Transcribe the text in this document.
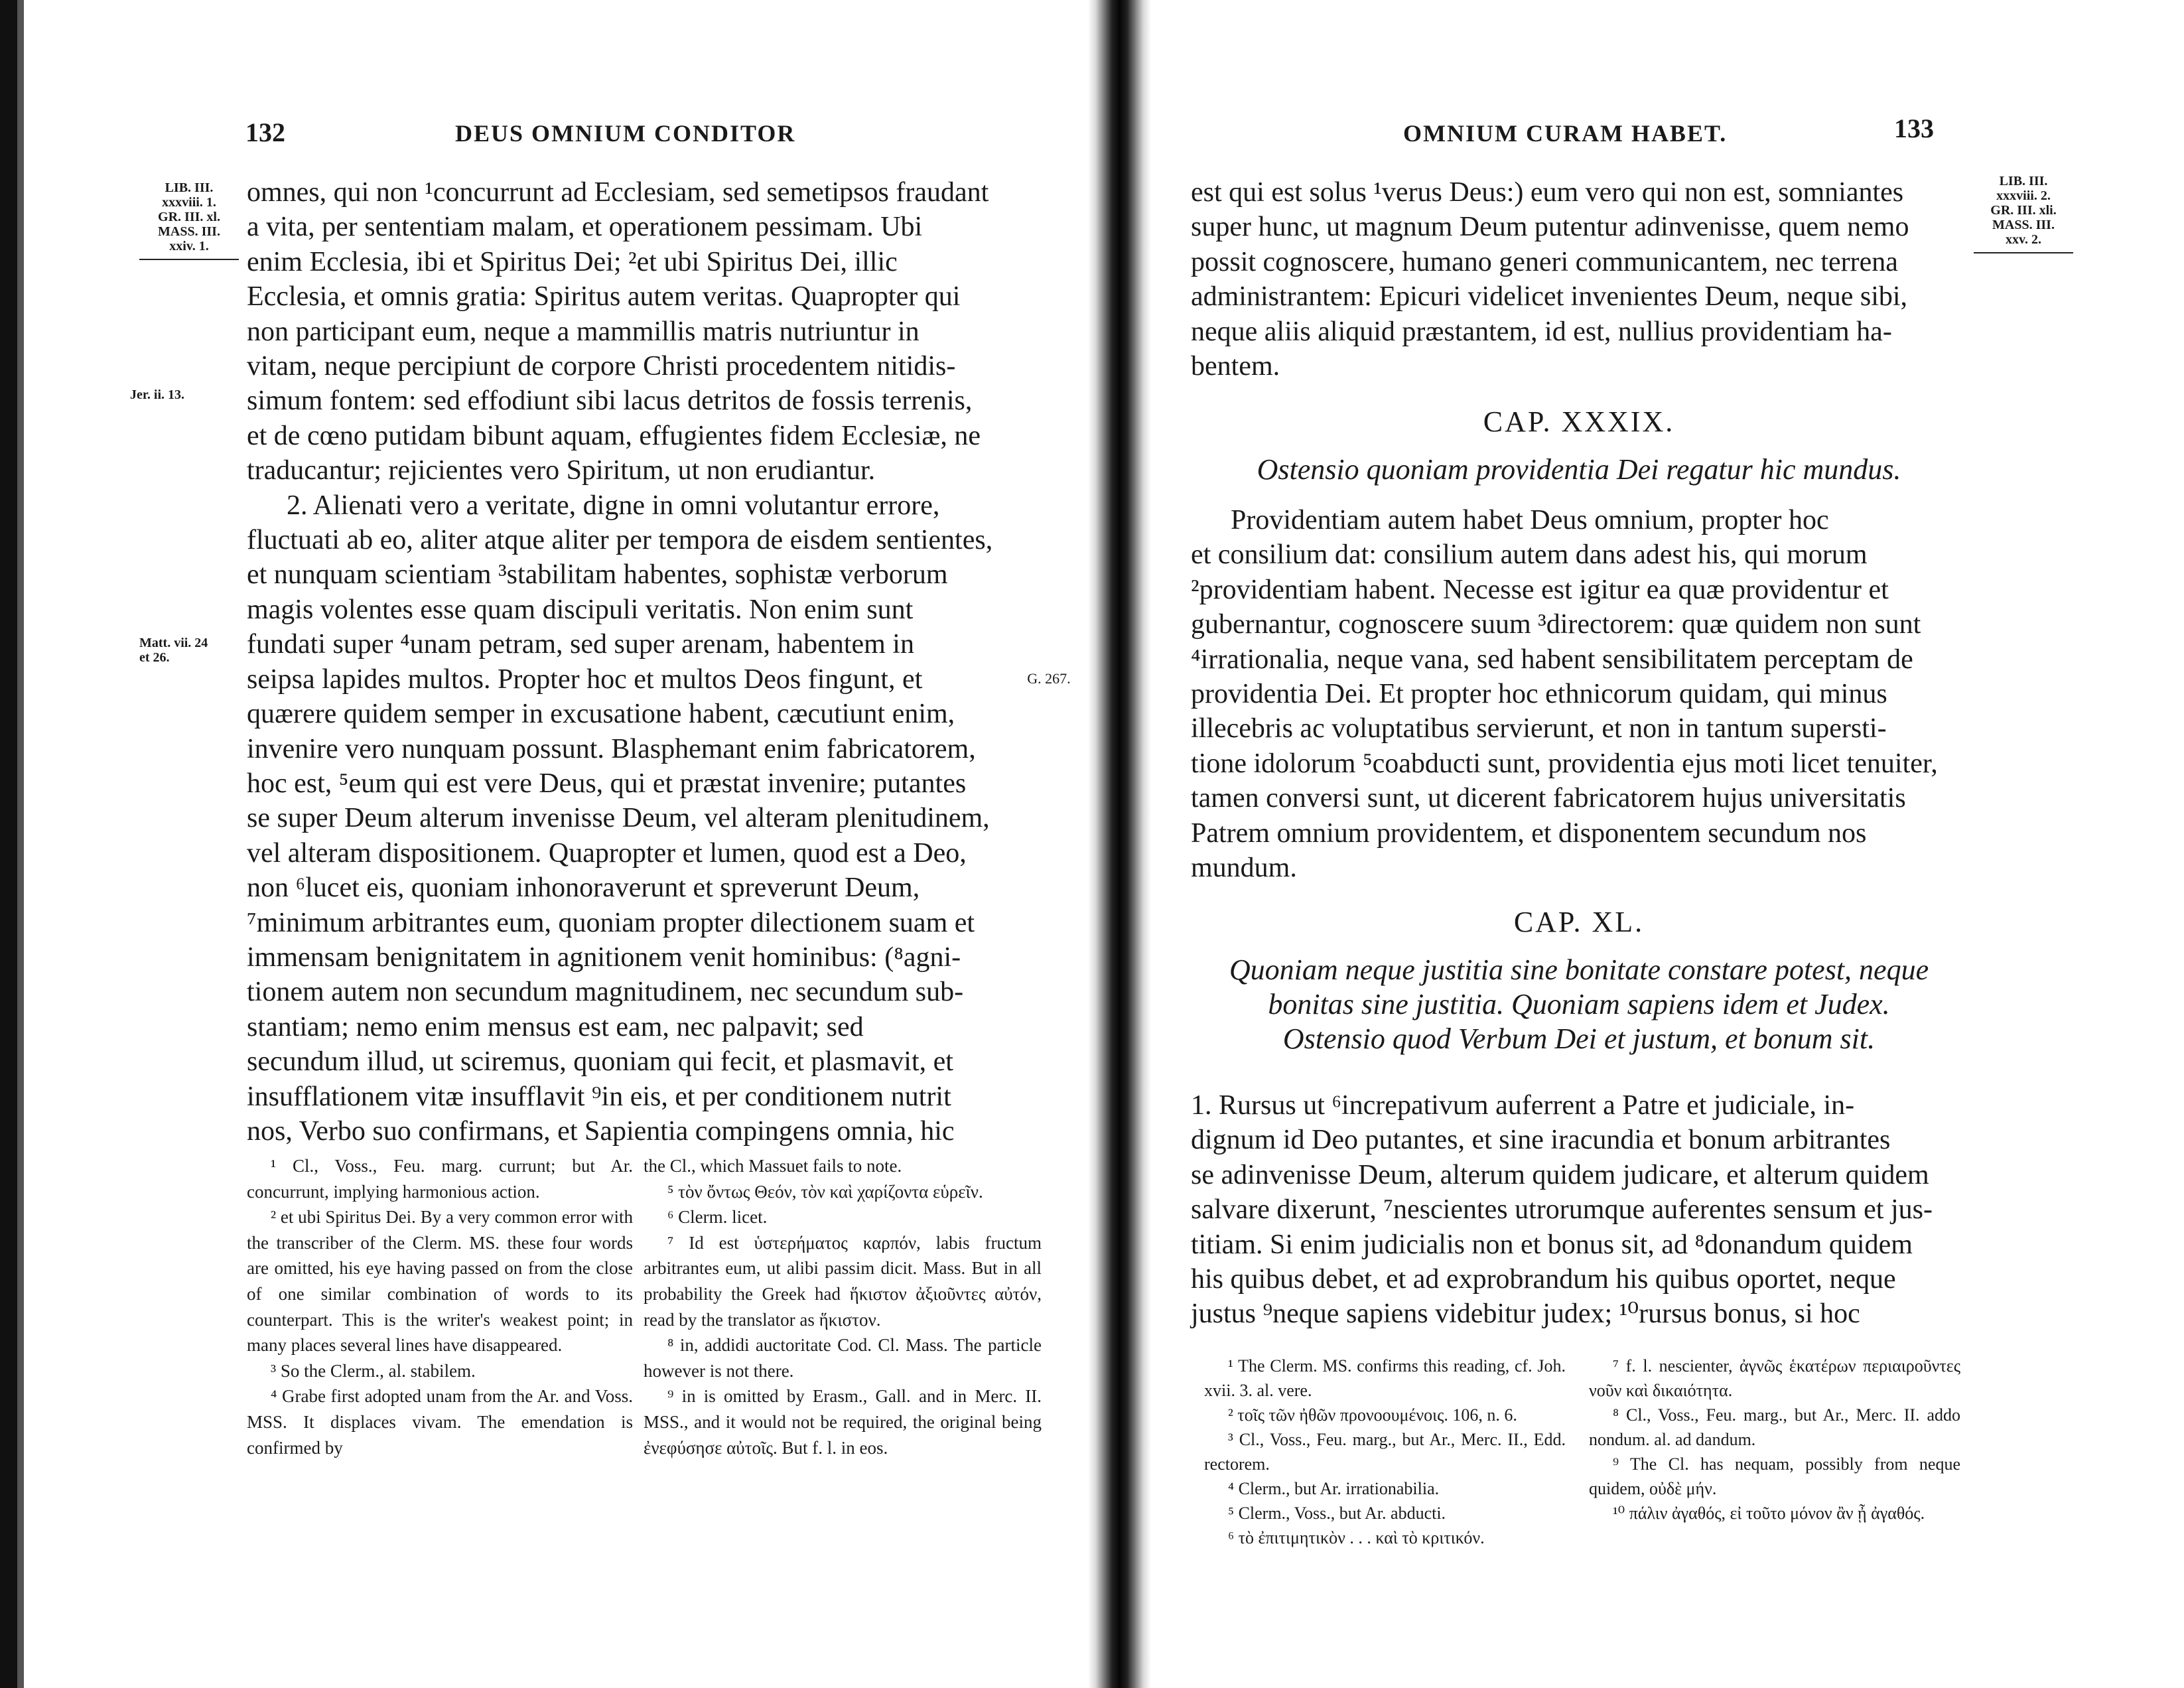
132	DEUS OMNIUM CONDITOR
LIB. III.
xxxviii. 1.
GR. III. xl.
MASS. III.
xxiv. 1.
Jer. ii. 13.
Matt. vii. 24
et 26.
G. 267.

omnes, qui non ¹concurrunt ad Ecclesiam, sed semetipsos fraudant

a vita, per sententiam malam, et operationem pessimam. Ubi

enim Ecclesia, ibi et Spiritus Dei; ²et ubi Spiritus Dei, illic

Ecclesia, et omnis gratia: Spiritus autem veritas. Quapropter qui

non participant eum, neque a mammillis matris nutriuntur in

vitam, neque percipiunt de corpore Christi procedentem nitidis-

simum fontem: sed effodiunt sibi lacus detritos de fossis terrenis,

et de cœno putidam bibunt aquam, effugientes fidem Ecclesiæ, ne

traducantur; rejicientes vero Spiritum, ut non erudiantur.

2. Alienati vero a veritate, digne in omni volutantur errore,

fluctuati ab eo, aliter atque aliter per tempora de eisdem sentientes,

et nunquam scientiam ³stabilitam habentes, sophistæ verborum

magis volentes esse quam discipuli veritatis. Non enim sunt

fundati super ⁴unam petram, sed super arenam, habentem in

seipsa lapides multos. Propter hoc et multos Deos fingunt, et

quærere quidem semper in excusatione habent, cæcutiunt enim,

invenire vero nunquam possunt. Blasphemant enim fabricatorem,

hoc est, ⁵eum qui est vere Deus, qui et præstat invenire; putantes

se super Deum alterum invenisse Deum, vel alteram plenitudinem,

vel alteram dispositionem. Quapropter et lumen, quod est a Deo,

non ⁶lucet eis, quoniam inhonoraverunt et spreverunt Deum,

⁷minimum arbitrantes eum, quoniam propter dilectionem suam et

immensam benignitatem in agnitionem venit hominibus: (⁸agni-

tionem autem non secundum magnitudinem, nec secundum sub-

stantiam; nemo enim mensus est eam, nec palpavit; sed

secundum illud, ut sciremus, quoniam qui fecit, et plasmavit, et

insufflationem vitæ insufflavit ⁹in eis, et per conditionem nutrit

nos, Verbo suo confirmans, et Sapientia compingens omnia, hic

¹ Cl., Voss., Feu. marg. currunt; but Ar. concurrunt, implying harmonious action.

² et ubi Spiritus Dei. By a very common error with the transcriber of the Clerm. MS. these four words are omitted, his eye having passed on from the close of one similar combination of words to its counterpart. This is the writer's weakest point; in many places several lines have disappeared.

³ So the Clerm., al. stabilem.

⁴ Grabe first adopted unam from the Ar. and Voss. MSS. It displaces vivam. The emendation is confirmed by

the Cl., which Massuet fails to note.

⁵ τὸν ὄντως Θεόν, τὸν καὶ χαρίζοντα εὑρεῖν.

⁶ Clerm. licet.

⁷ Id est ὑστερήματος καρπόν, labis fructum arbitrantes eum, ut alibi passim dicit. Mass. But in all probability the Greek had ἥκιστον ἀξιοῦντες αὐτόν, read by the translator as ἥκιστον.

⁸ in, addidi auctoritate Cod. Cl. Mass. The particle however is not there.

⁹ in is omitted by Erasm., Gall. and in Merc. II. MSS., and it would not be required, the original being ἐνεφύσησε αὐτοῖς. But f. l. in eos.

OMNIUM CURAM HABET.	133
LIB. III.
xxxviii. 2.
GR. III. xli.
MASS. III.
xxv. 2.

est qui est solus ¹verus Deus:) eum vero qui non est, somniantes

super hunc, ut magnum Deum putentur adinvenisse, quem nemo

possit cognoscere, humano generi communicantem, nec terrena

administrantem: Epicuri videlicet invenientes Deum, neque sibi,

neque aliis aliquid præstantem, id est, nullius providentiam ha-

bentem.

CAP. XXXIX.
Ostensio quoniam providentia Dei regatur hic mundus.

Providentiam autem habet Deus omnium, propter hoc

et consilium dat: consilium autem dans adest his, qui morum

²providentiam habent. Necesse est igitur ea quæ providentur et

gubernantur, cognoscere suum ³directorem: quæ quidem non sunt

⁴irrationalia, neque vana, sed habent sensibilitatem perceptam de

providentia Dei. Et propter hoc ethnicorum quidam, qui minus

illecebris ac voluptatibus servierunt, et non in tantum supersti-

tione idolorum ⁵coabducti sunt, providentia ejus moti licet tenuiter,

tamen conversi sunt, ut dicerent fabricatorem hujus universitatis

Patrem omnium providentem, et disponentem secundum nos

mundum.

CAP. XL.
Quoniam neque justitia sine bonitate constare potest, neque
bonitas sine justitia. Quoniam sapiens idem et Judex.
Ostensio quod Verbum Dei et justum, et bonum sit.

1. Rursus ut ⁶increpativum auferrent a Patre et judiciale, in-

dignum id Deo putantes, et sine iracundia et bonum arbitrantes

se adinvenisse Deum, alterum quidem judicare, et alterum quidem

salvare dixerunt, ⁷nescientes utrorumque auferentes sensum et jus-

titiam. Si enim judicialis non et bonus sit, ad ⁸donandum quidem

his quibus debet, et ad exprobrandum his quibus oportet, neque

justus ⁹neque sapiens videbitur judex; ¹⁰rursus bonus, si hoc

¹ The Clerm. MS. confirms this reading, cf. Joh. xvii. 3. al. vere.

² τοῖς τῶν ἠθῶν προνοουμένοις. 106, n. 6.

³ Cl., Voss., Feu. marg., but Ar., Merc. II., Edd. rectorem.

⁴ Clerm., but Ar. irrationabilia.

⁵ Clerm., Voss., but Ar. abducti.

⁶ τὸ ἐπιτιμητικὸν . . . καὶ τὸ κριτικόν.

⁷ f. l. nescienter, ἀγνῶς ἑκατέρων περιαιροῦντες νοῦν καὶ δικαιότητα.

⁸ Cl., Voss., Feu. marg., but Ar., Merc. II. addo nondum. al. ad dandum.

⁹ The Cl. has nequam, possibly from neque quidem, οὐδὲ μήν.

¹⁰ πάλιν ἀγαθός, εἰ τοῦτο μόνον ἂν ᾖ ἀγαθός.
